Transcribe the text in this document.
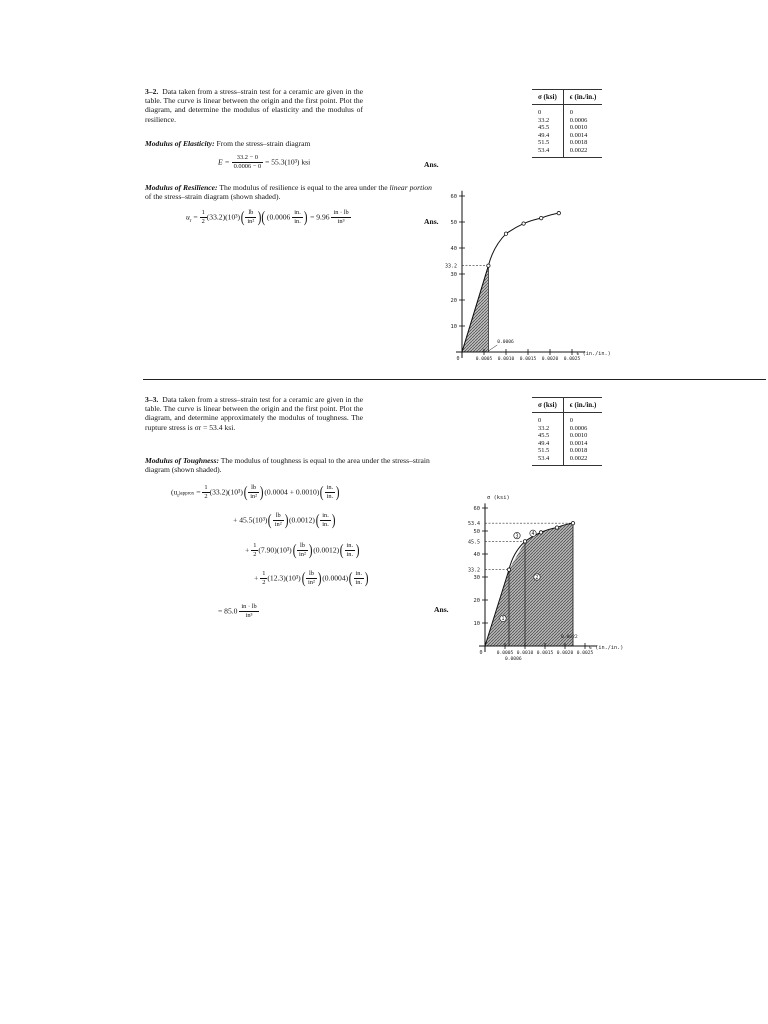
3–2. Data taken from a stress–strain test for a ceramic are given in the table. The curve is linear between the origin and the first point. Plot the diagram, and determine the modulus of elasticity and the modulus of resilience.
σ (ksi)	ϵ (in./in.)
0	0
33.2	0.0006
45.5	0.0010
49.4	0.0014
51.5	0.0018
53.4	0.0022
Modulus of Elasticity: From the stress–strain diagram
$E = \frac{33.2 - 0}{0.0006 - 0} = 55.3(10^3)$ ksi	Ans.
Modulus of Resilience: The modulus of resilience is equal to the area under the linear portion of the stress–strain diagram (shown shaded).
$u_r = \frac{1}{2} (33.2)(10^3)( \frac{lb}{\text{in²}}$ )( ($0.0006 \frac{in.}{in.}$ ) = $9.96 \frac{in \cdot lb}{\text{in³}}$	Ans.
10
20
30
40
50
60
0.0005 0.0010 0.0015 0.0020 0.0025
0
ϵ (in./in.)
33.2
0.0006
3–3. Data taken from a stress–strain test for a ceramic are given in the table. The curve is linear between the origin and the first point. Plot the diagram, and determine approximately the modulus of toughness. The rupture stress is σr = 53.4 ksi.
σ (ksi)	ϵ (in./in.)
0	0
33.2	0.0006
45.5	0.0010
49.4	0.0014
51.5	0.0018
53.4	0.0022
Modulus of Toughness: The modulus of toughness is equal to the area under the stress–strain diagram (shown shaded).
$(u_t)approx = \frac{1}{2} (33.2)(10^3)( \frac{lb}{\text{in²}} )(0.0004 + 0.0010)( \frac{in.}{in.}$ )
+ $45.5(10^3)( \frac{lb}{\text{in²}} )(0.0012)( \frac{in.}{in.}$ )
+ $\frac{1}{2} (7.90)(10^3)( \frac{lb}{\text{in²}} )(0.0012)( \frac{in.}{in.}$ )
+ $\frac{1}{2} (12.3)(10^3)( \frac{lb}{\text{in²}} )(0.0004)( \frac{in.}{in.}$ )
= $85.0 \frac{in \cdot lb}{\text{in³}}$	Ans.
10
20
30
40
50
60
0.0005 0.0010 0.0015 0.0020 0.0025
0
ϵ (in./in.)
σ (ksi)
53.4
45.5
33.2
0.0022
0.0006
1
2
3	4
